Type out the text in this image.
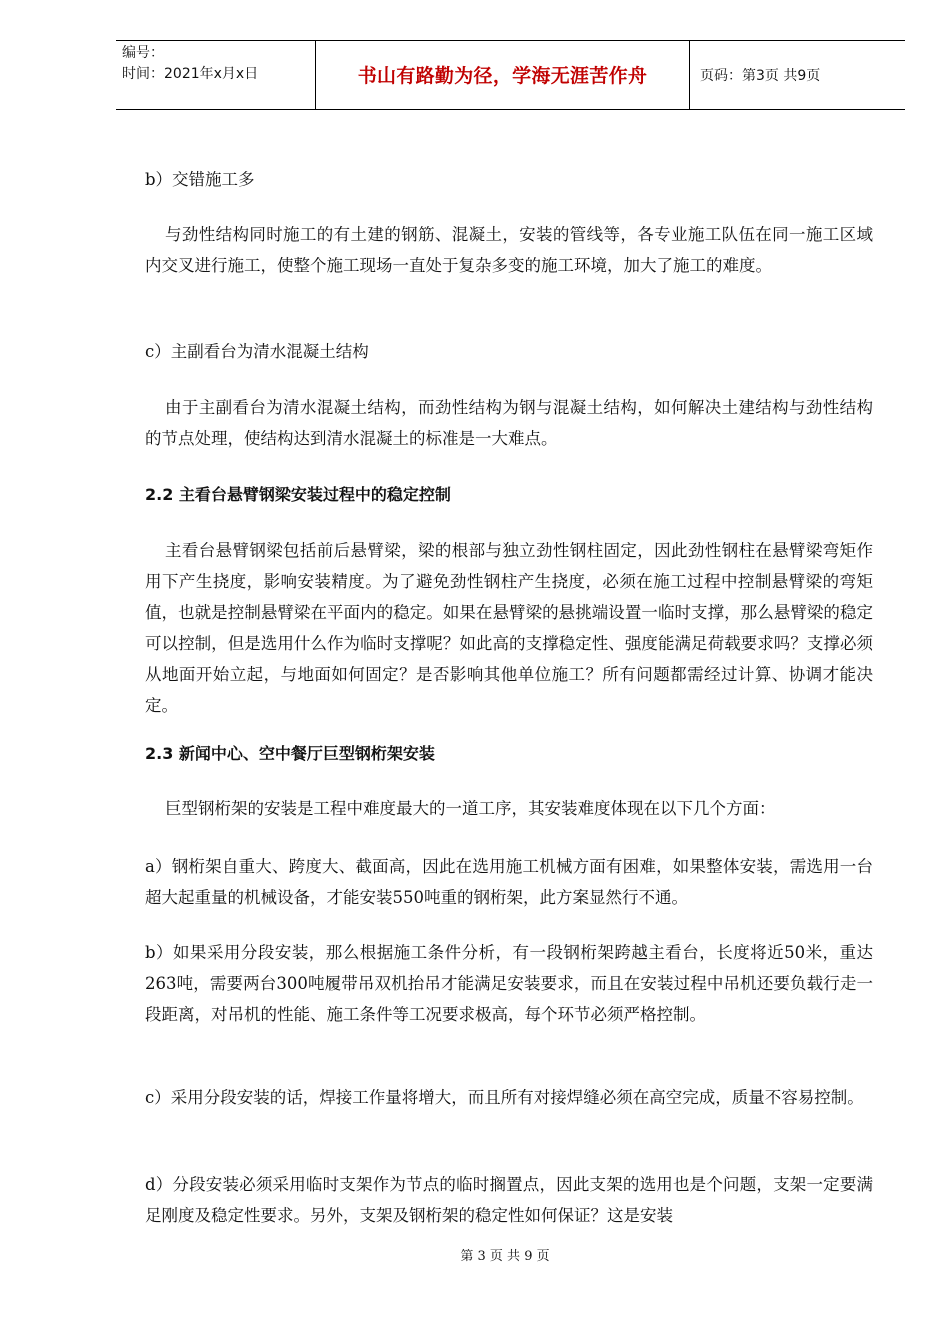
编号：
时间：2021年x月x日	书山有路勤为径，学海无涯苦作舟	页码：第3页 共9页

b）交错施工多

与劲性结构同时施工的有土建的钢筋、混凝土，安装的管线等，各专业施工队伍在同一施工区域内交叉进行施工，使整个施工现场一直处于复杂多变的施工环境，加大了施工的难度。

c）主副看台为清水混凝土结构

由于主副看台为清水混凝土结构，而劲性结构为钢与混凝土结构，如何解决土建结构与劲性结构的节点处理，使结构达到清水混凝土的标准是一大难点。

2.2 主看台悬臂钢梁安装过程中的稳定控制

主看台悬臂钢梁包括前后悬臂梁，梁的根部与独立劲性钢柱固定，因此劲性钢柱在悬臂梁弯矩作用下产生挠度，影响安装精度。为了避免劲性钢柱产生挠度，必须在施工过程中控制悬臂梁的弯矩值，也就是控制悬臂梁在平面内的稳定。如果在悬臂梁的悬挑端设置一临时支撑，那么悬臂梁的稳定可以控制，但是选用什么作为临时支撑呢？如此高的支撑稳定性、强度能满足荷载要求吗？支撑必须从地面开始立起，与地面如何固定？是否影响其他单位施工？所有问题都需经过计算、协调才能决定。

2.3 新闻中心、空中餐厅巨型钢桁架安装

巨型钢桁架的安装是工程中难度最大的一道工序，其安装难度体现在以下几个方面：

a）钢桁架自重大、跨度大、截面高，因此在选用施工机械方面有困难，如果整体安装，需选用一台超大起重量的机械设备，才能安装550吨重的钢桁架，此方案显然行不通。

b）如果采用分段安装，那么根据施工条件分析，有一段钢桁架跨越主看台，长度将近50米，重达263吨，需要两台300吨履带吊双机抬吊才能满足安装要求，而且在安装过程中吊机还要负载行走一段距离，对吊机的性能、施工条件等工况要求极高，每个环节必须严格控制。

c）采用分段安装的话，焊接工作量将增大，而且所有对接焊缝必须在高空完成，质量不容易控制。

d）分段安装必须采用临时支架作为节点的临时搁置点，因此支架的选用也是个问题，支架一定要满足刚度及稳定性要求。另外，支架及钢桁架的稳定性如何保证？这是安装

第 3 页 共 9 页
